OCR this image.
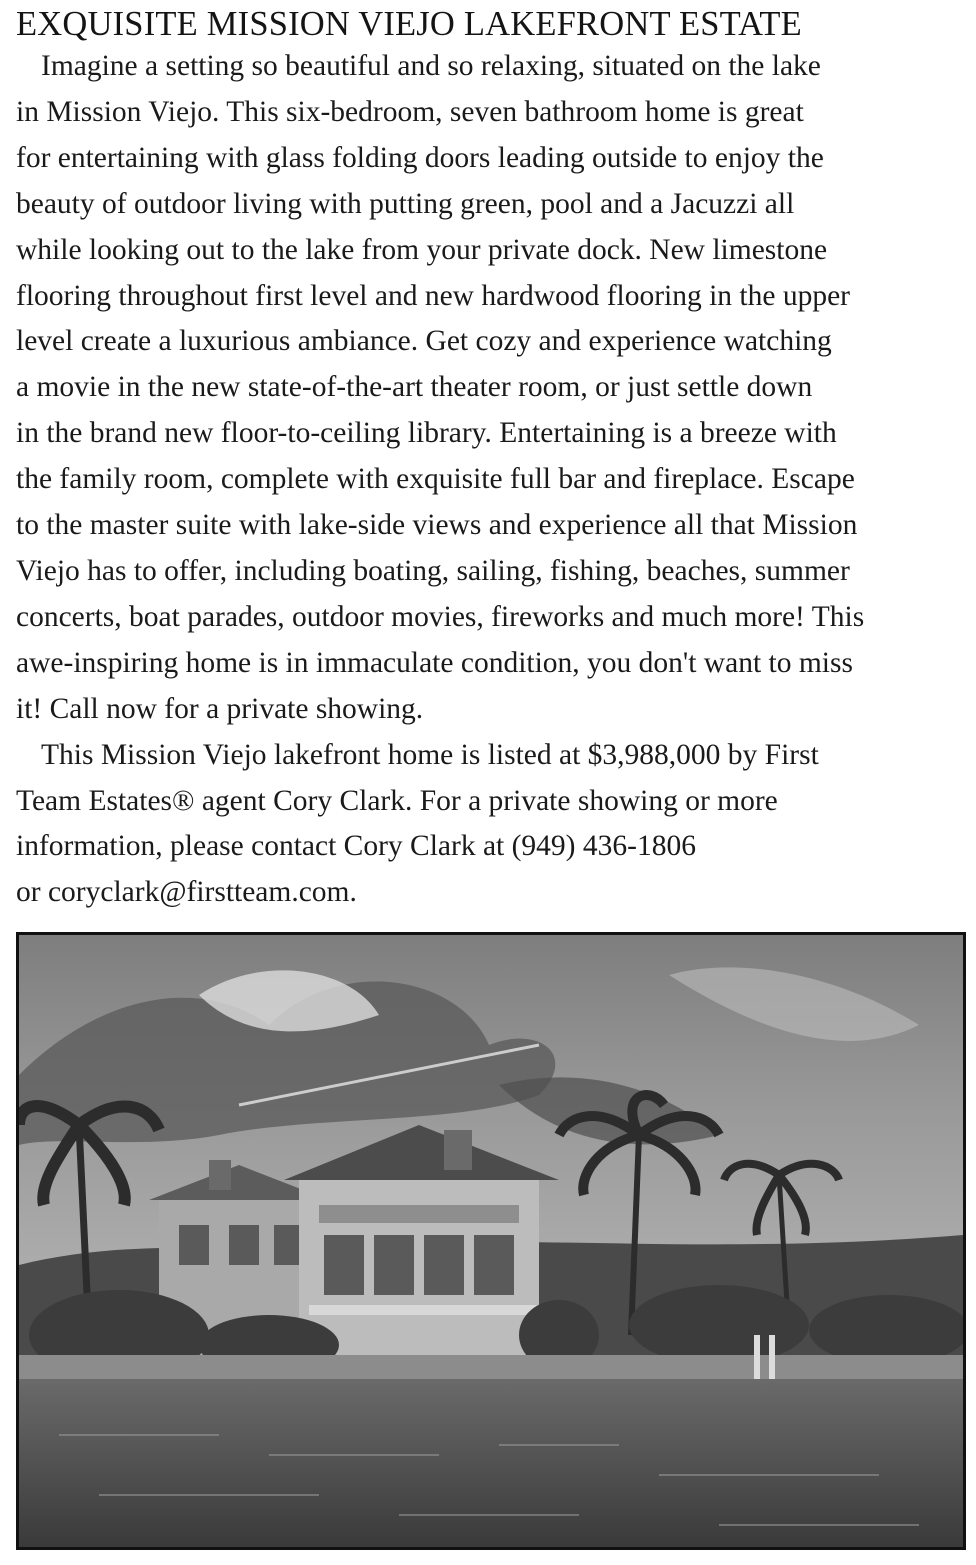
EXQUISITE MISSION VIEJO LAKEFRONT ESTATE

Imagine a setting so beautiful and so relaxing, situated on the lake
in Mission Viejo. This six-bedroom, seven bathroom home is great
for entertaining with glass folding doors leading outside to enjoy the
beauty of outdoor living with putting green, pool and a Jacuzzi all
while looking out to the lake from your private dock. New limestone
flooring throughout first level and new hardwood flooring in the upper
level create a luxurious ambiance. Get cozy and experience watching
a movie in the new state-of-the-art theater room, or just settle down
in the brand new floor-to-ceiling library. Entertaining is a breeze with
the family room, complete with exquisite full bar and fireplace. Escape
to the master suite with lake-side views and experience all that Mission
Viejo has to offer, including boating, sailing, fishing, beaches, summer
concerts, boat parades, outdoor movies, fireworks and much more! This
awe-inspiring home is in immaculate condition, you don't want to miss
it! Call now for a private showing.

This Mission Viejo lakefront home is listed at $3,988,000 by First
Team Estates® agent Cory Clark. For a private showing or more
information, please contact Cory Clark at (949) 436-1806
or coryclark@firstteam.com.
